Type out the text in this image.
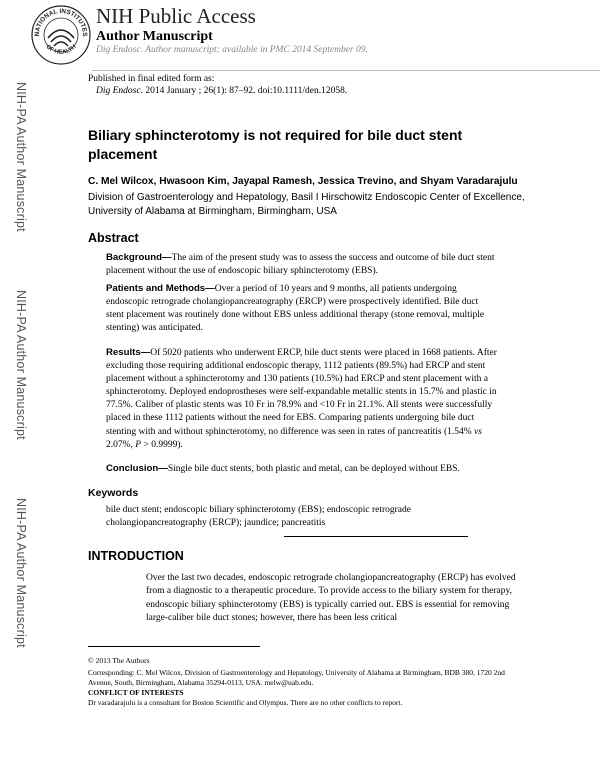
NIH-PA Author Manuscript
NIH-PA Author Manuscript
NIH-PA Author Manuscript
NATIONAL INSTITUTES
OF HEALTH
NIH Public Access
Author Manuscript
Dig Endosc. Author manuscript; available in PMC 2014 September 09.
Published in final edited form as:
Dig Endosc. 2014 January ; 26(1): 87–92. doi:10.1111/den.12058.
Biliary sphincterotomy is not required for bile duct stent placement
C. Mel Wilcox, Hwasoon Kim, Jayapal Ramesh, Jessica Trevino, and Shyam Varadarajulu
Division of Gastroenterology and Hepatology, Basil I Hirschowitz Endoscopic Center of Excellence, University of Alabama at Birmingham, Birmingham, USA
Abstract

Background—The aim of the present study was to assess the success and outcome of bile duct stent placement without the use of endoscopic biliary sphincterotomy (EBS).

Patients and Methods—Over a period of 10 years and 9 months, all patients undergoing endoscopic retrograde cholangiopancreatography (ERCP) were prospectively identified. Bile duct stent placement was routinely done without EBS unless additional therapy (stone removal, multiple stenting) was anticipated.

Results—Of 5020 patients who underwent ERCP, bile duct stents were placed in 1668 patients. After excluding those requiring additional endoscopic therapy, 1112 patients (89.5%) had ERCP and stent placement without a sphincterotomy and 130 patients (10.5%) had ERCP and stent placement with a sphincterotomy. Deployed endoprostheses were self-expandable metallic stents in 15.7% and plastic in 77.5%. Caliber of plastic stents was 10 Fr in 78.9% and <10 Fr in 21.1%. All stents were successfully placed in these 1112 patients without the need for EBS. Comparing patients undergoing bile duct stenting with and without sphincterotomy, no difference was seen in rates of pancreatitis (1.54% vs 2.07%, P > 0.9999).

Conclusion—Single bile duct stents, both plastic and metal, can be deployed without EBS.

Keywords
bile duct stent; endoscopic biliary sphincterotomy (EBS); endoscopic retrograde cholangiopancreatography (ERCP); jaundice; pancreatitis
INTRODUCTION
Over the last two decades, endoscopic retrograde cholangiopancreatography (ERCP) has evolved from a diagnostic to a therapeutic procedure. To provide access to the biliary system for therapy, endoscopic biliary sphincterotomy (EBS) is typically carried out. EBS is essential for removing large-caliber bile duct stones; however, there has been less critical
© 2013 The Authors
Corresponding: C. Mel Wilcox, Division of Gastroenterology and Hepatology, University of Alabama at Birmingham, BDB 380, 1720 2nd Avenue, South, Birmingham, Alabama 35294-0113, USA. melw@uab.edu.
CONFLICT OF INTERESTS
Dr varadarajulu is a consultant for Boston Scientific and Olympus. There are no other conflicts to report.
